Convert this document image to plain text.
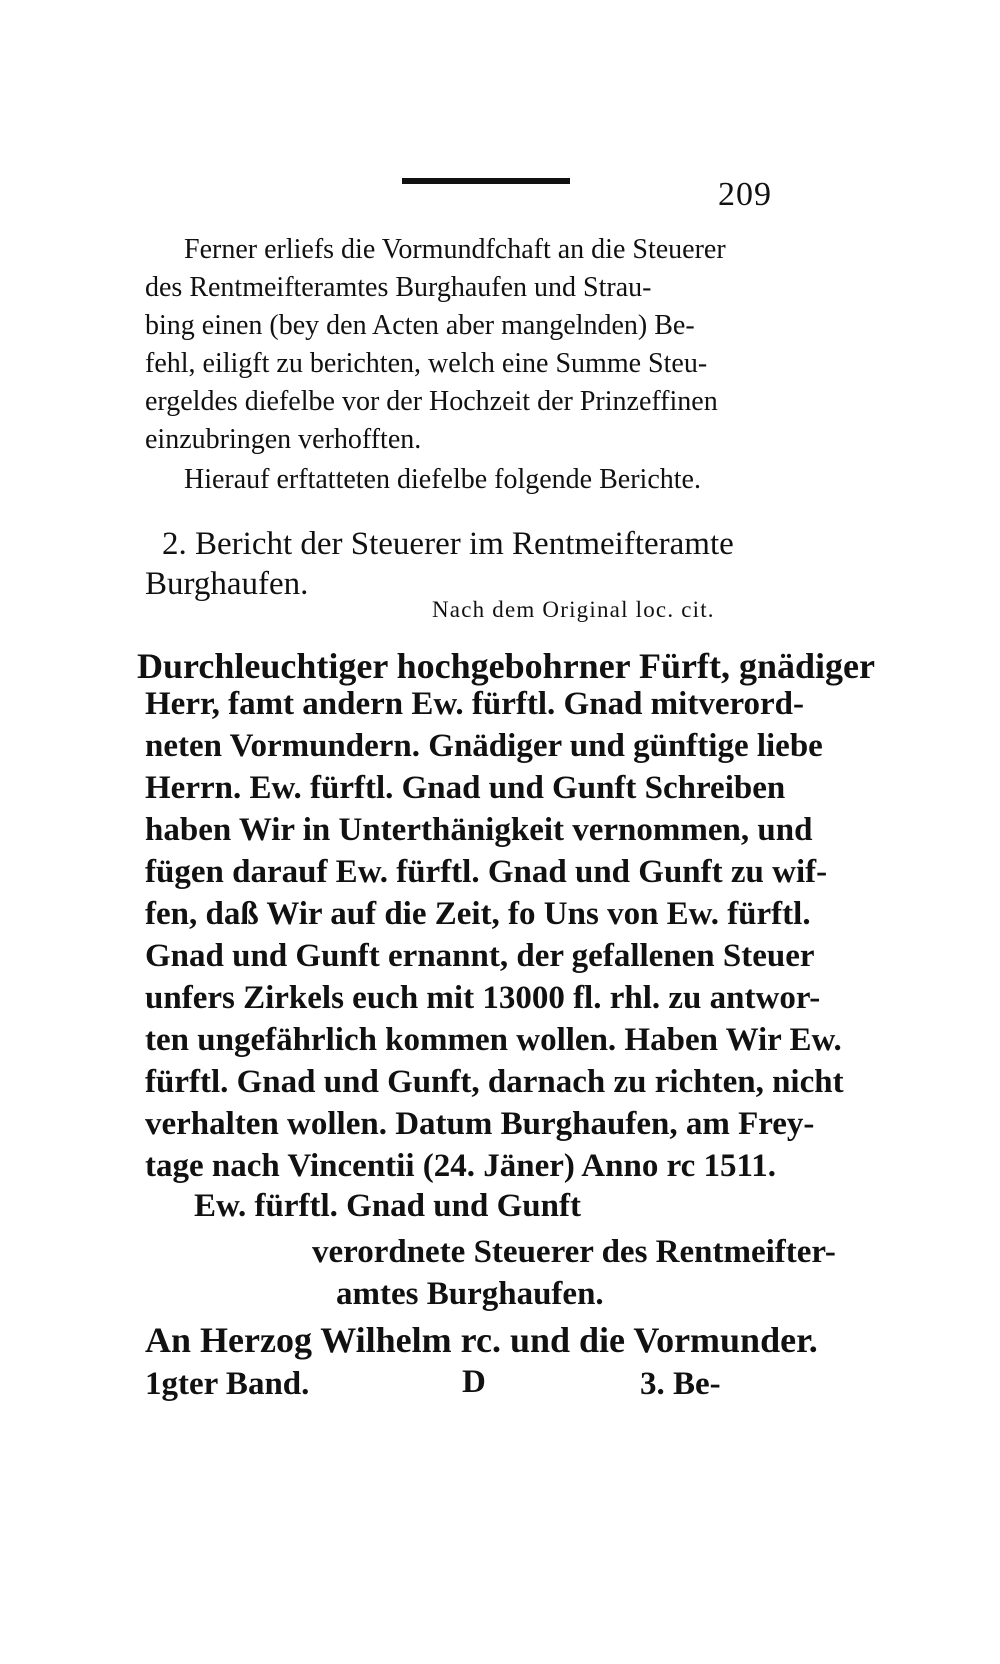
209
Ferner erliefs die Vormundfchaft an die Steuerer
des Rentmeifteramtes Burghaufen und Strau-
bing einen (bey den Acten aber mangelnden) Be-
fehl, eiligft zu berichten, welch eine Summe Steu-
ergeldes diefelbe vor der Hochzeit der Prinzeffinen
einzubringen verhofften.
Hierauf erftatteten diefelbe folgende Berichte.
2. Bericht der Steuerer im Rentmeifteramte
Burghaufen.
Nach dem Original loc. cit.
Durchleuchtiger hochgebohrner Fürft, gnädiger
Herr, famt andern Ew. fürftl. Gnad mitverord-
neten Vormundern. Gnädiger und günftige liebe
Herrn. Ew. fürftl. Gnad und Gunft Schreiben
haben Wir in Unterthänigkeit vernommen, und
fügen darauf Ew. fürftl. Gnad und Gunft zu wif-
fen, daß Wir auf die Zeit, fo Uns von Ew. fürftl.
Gnad und Gunft ernannt, der gefallenen Steuer
unfers Zirkels euch mit 13000 fl. rhl. zu antwor-
ten ungefährlich kommen wollen. Haben Wir Ew.
fürftl. Gnad und Gunft, darnach zu richten, nicht
verhalten wollen. Datum Burghaufen, am Frey-
tage nach Vincentii (24. Jäner) Anno rc 1511.
Ew. fürftl. Gnad und Gunft
verordnete Steuerer des Rentmeifter-
amtes Burghaufen.
An Herzog Wilhelm rc. und die Vormunder.
1gter Band.	D	3. Be-
